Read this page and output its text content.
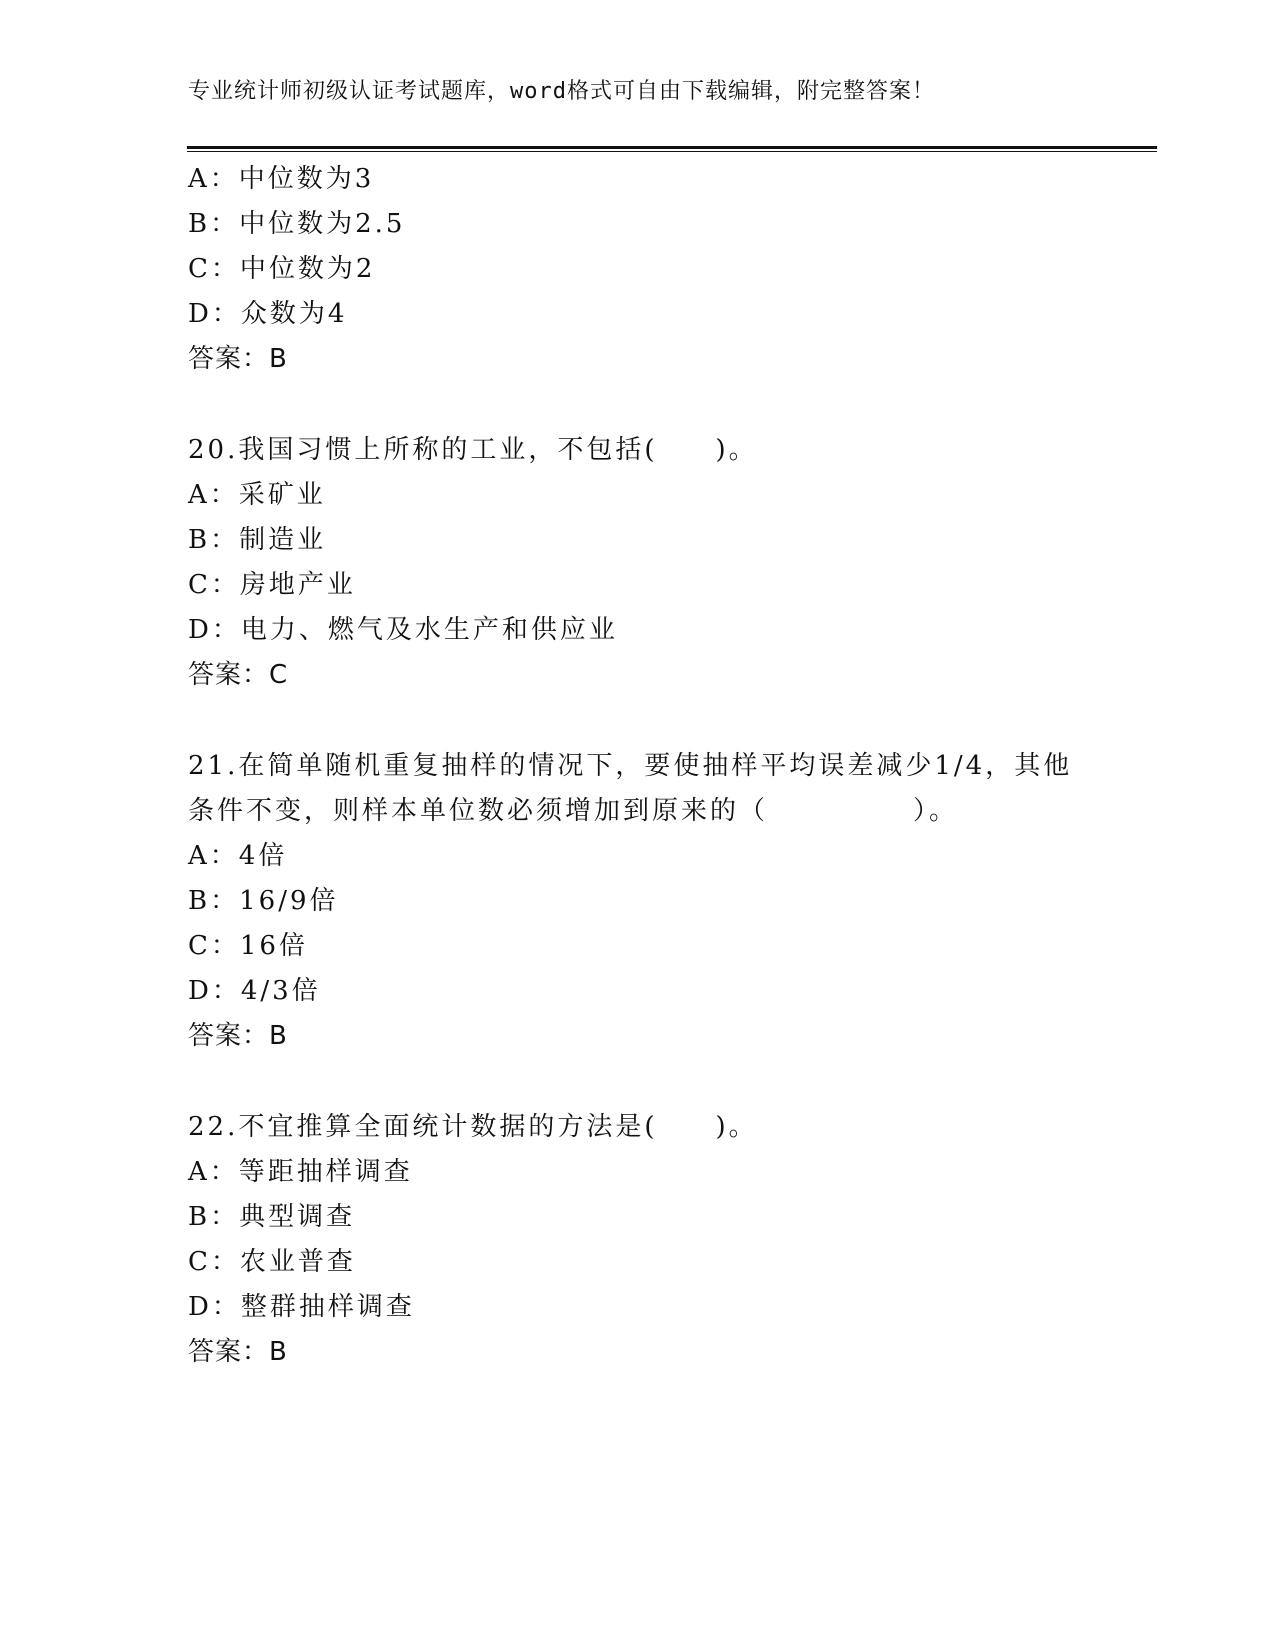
专业统计师初级认证考试题库，word格式可自由下载编辑，附完整答案！
A：中位数为3
B：中位数为2.5
C：中位数为2
D：众数为4
答案：B
20.我国习惯上所称的工业，不包括(　　)。
A：采矿业
B：制造业
C：房地产业
D：电力、燃气及水生产和供应业
答案：C
21.在简单随机重复抽样的情况下，要使抽样平均误差减少1/4，其他
条件不变，则样本单位数必须增加到原来的（　　　　　）。
A：4倍
B：16/9倍
C：16倍
D：4/3倍
答案：B
22.不宜推算全面统计数据的方法是(　　)。
A：等距抽样调查
B：典型调查
C：农业普查
D：整群抽样调查
答案：B
